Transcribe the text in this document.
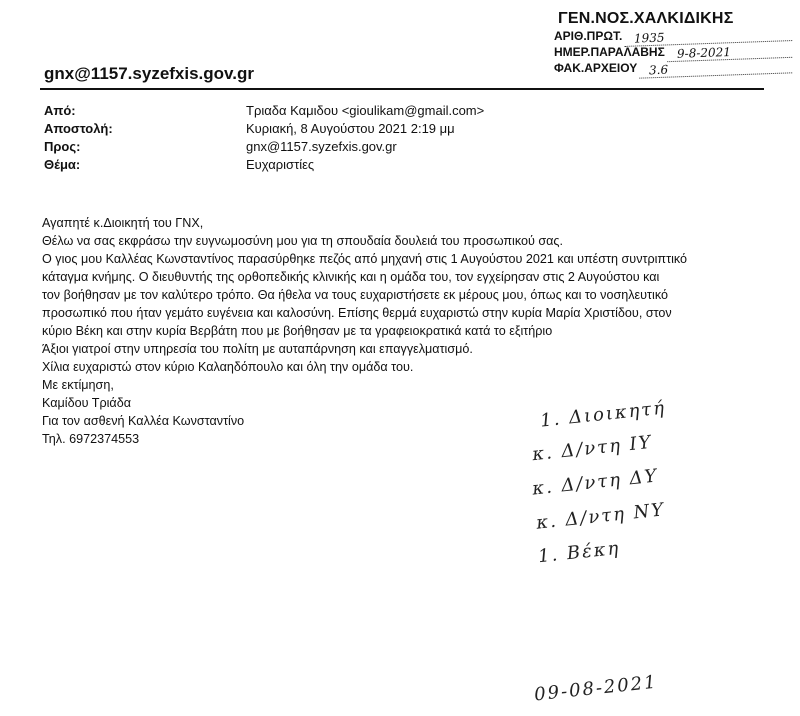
ΓΕΝ.ΝΟΣ.ΧΑΛΚΙΔΙΚΗΣ
ΑΡΙΘ.ΠΡΩΤ. 1935
ΗΜΕΡ.ΠΑΡΑΛΑΒΗΣ 9-8-2021
ΦΑΚ.ΑΡΧΕΙΟΥ 3.6
gnx@1157.syzefxis.gov.gr
Από:	Τριαδα Καμιδου <gioulikam@gmail.com>
Αποστολή:	Κυριακή, 8 Αυγούστου 2021 2:19 μμ
Προς:	gnx@1157.syzefxis.gov.gr
Θέμα:	Ευχαριστίες

Αγαπητέ κ.Διοικητή του ΓΝΧ,

Θέλω να σας εκφράσω την ευγνωμοσύνη μου για τη σπουδαία δουλειά του προσωπικού σας.

Ο γιος μου Καλλέας Κωνσταντίνος παρασύρθηκε πεζός από μηχανή στις 1 Αυγούστου 2021 και υπέστη συντριπτικό

κάταγμα κνήμης. Ο διευθυντής της ορθοπεδικής κλινικής και η ομάδα του, τον εγχείρησαν στις 2 Αυγούστου και

τον βοήθησαν με τον καλύτερο τρόπο. Θα ήθελα να τους ευχαριστήσετε εκ μέρους μου, όπως και το νοσηλευτικό

προσωπικό που ήταν γεμάτο ευγένεια και καλοσύνη. Επίσης θερμά ευχαριστώ στην κυρία Μαρία Χριστίδου, στον

κύριο Βέκη και στην κυρία Βερβάτη που με βοήθησαν με τα γραφειοκρατικά κατά το εξιτήριο

Άξιοι γιατροί στην υπηρεσία του πολίτη με αυταπάρνηση και επαγγελματισμό.

Χίλια ευχαριστώ στον κύριο Καλαηδόπουλο και όλη την ομάδα του.

Με εκτίμηση,

Καμίδου Τριάδα

Για τον ασθενή Καλλέα Κωνσταντίνο

Τηλ. 6972374553

1. Διοικητή
κ. Δ/ντη ΙΥ
κ. Δ/ντη ΔΥ
κ. Δ/ντη ΝΥ
1. Βέκη
09-08-2021
